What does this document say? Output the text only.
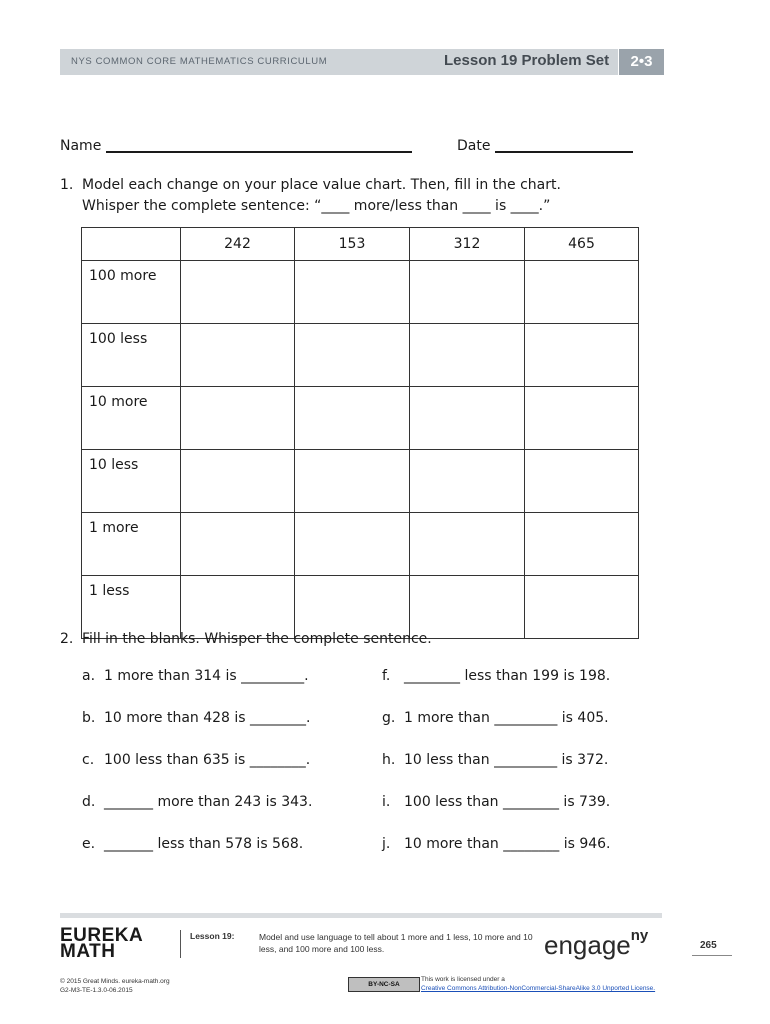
NYS COMMON CORE MATHEMATICS CURRICULUM	Lesson 19 Problem Set	2•3
Name	Date
1. Model each change on your place value chart. Then, fill in the chart.
Whisper the complete sentence: “____ more/less than ____ is ____.”
	242	153	312	465
100 more				
100 less				
10 more				
10 less				
1 more				
1 less				
2. Fill in the blanks. Whisper the complete sentence.
a. 1 more than 314 is _________.
b. 10 more than 428 is ________.
c. 100 less than 635 is ________.
d. _______ more than 243 is 343.
e. _______ less than 578 is 568.
f. ________ less than 199 is 198.
g. 1 more than _________ is 405.
h. 10 less than _________ is 372.
i. 100 less than ________ is 739.
j. 10 more than ________ is 946.
EUREKA
MATH
Lesson 19:	Model and use language to tell about 1 more and 1 less, 10 more and 10 less, and 100 more and 100 less.	engage$^{ny}$
265
© 2015 Great Minds. eureka-math.org
G2-M3-TE-1.3.0-06.2015
BY-NC-SA
This work is licensed under a
Creative Commons Attribution-NonCommercial-ShareAlike 3.0 Unported License.
